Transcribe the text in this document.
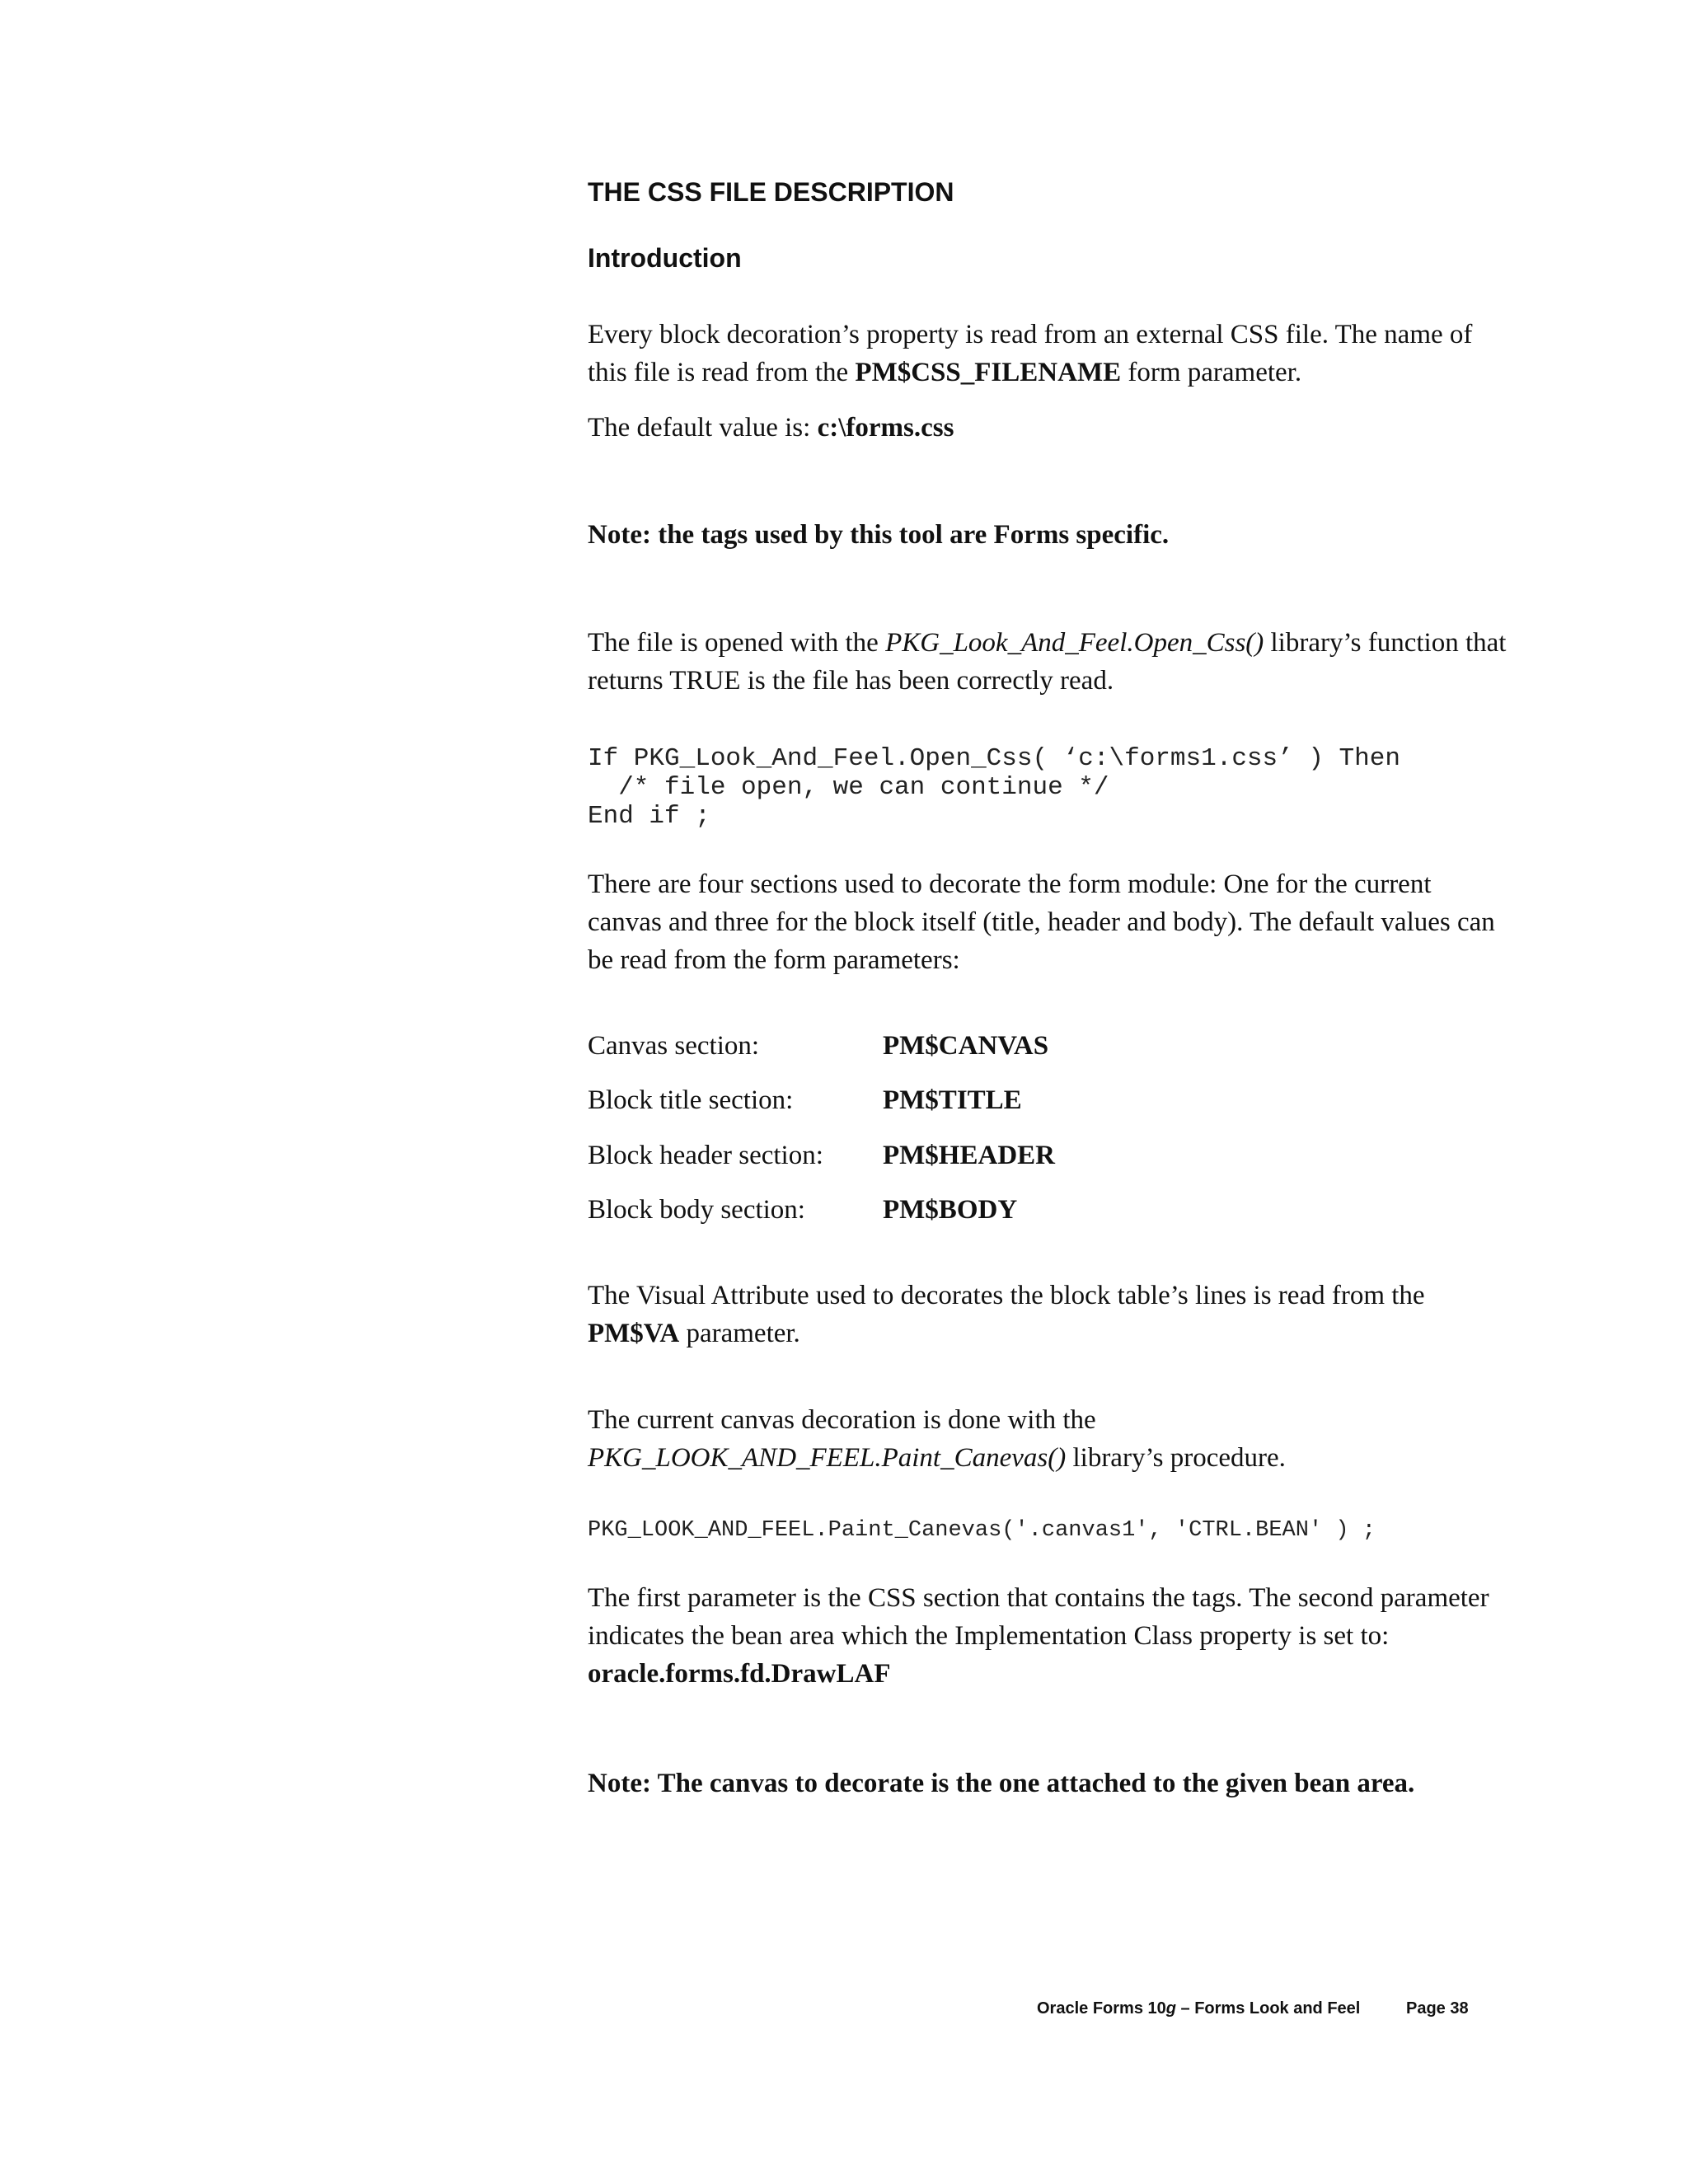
THE CSS FILE DESCRIPTION
Introduction

Every block decoration’s property is read from an external CSS file. The name of this file is read from the PM$CSS_FILENAME form parameter.

The default value is: c:\forms.css

Note: the tags used by this tool are Forms specific.

The file is opened with the PKG_Look_And_Feel.Open_Css() library’s function that returns TRUE is the file has been correctly read.

If PKG_Look_And_Feel.Open_Css( ‘c:\forms1.css’ ) Then
/* file open, we can continue */
End if ;

There are four sections used to decorate the form module: One for the current canvas and three for the block itself (title, header and body). The default values can be read from the form parameters:

Canvas section:	PM$CANVAS
Block title section:	PM$TITLE
Block header section: PM$HEADER
Block body section:	PM$BODY

The Visual Attribute used to decorates the block table’s lines is read from the PM$VA parameter.

The current canvas decoration is done with the
PKG_LOOK_AND_FEEL.Paint_Canevas() library’s procedure.

PKG_LOOK_AND_FEEL.Paint_Canevas('.canvas1', 'CTRL.BEAN' ) ;

The first parameter is the CSS section that contains the tags. The second parameter indicates the bean area which the Implementation Class property is set to: oracle.forms.fd.DrawLAF

Note: The canvas to decorate is the one attached to the given bean area.

Oracle Forms 10g – Forms Look and Feel	Page 38
